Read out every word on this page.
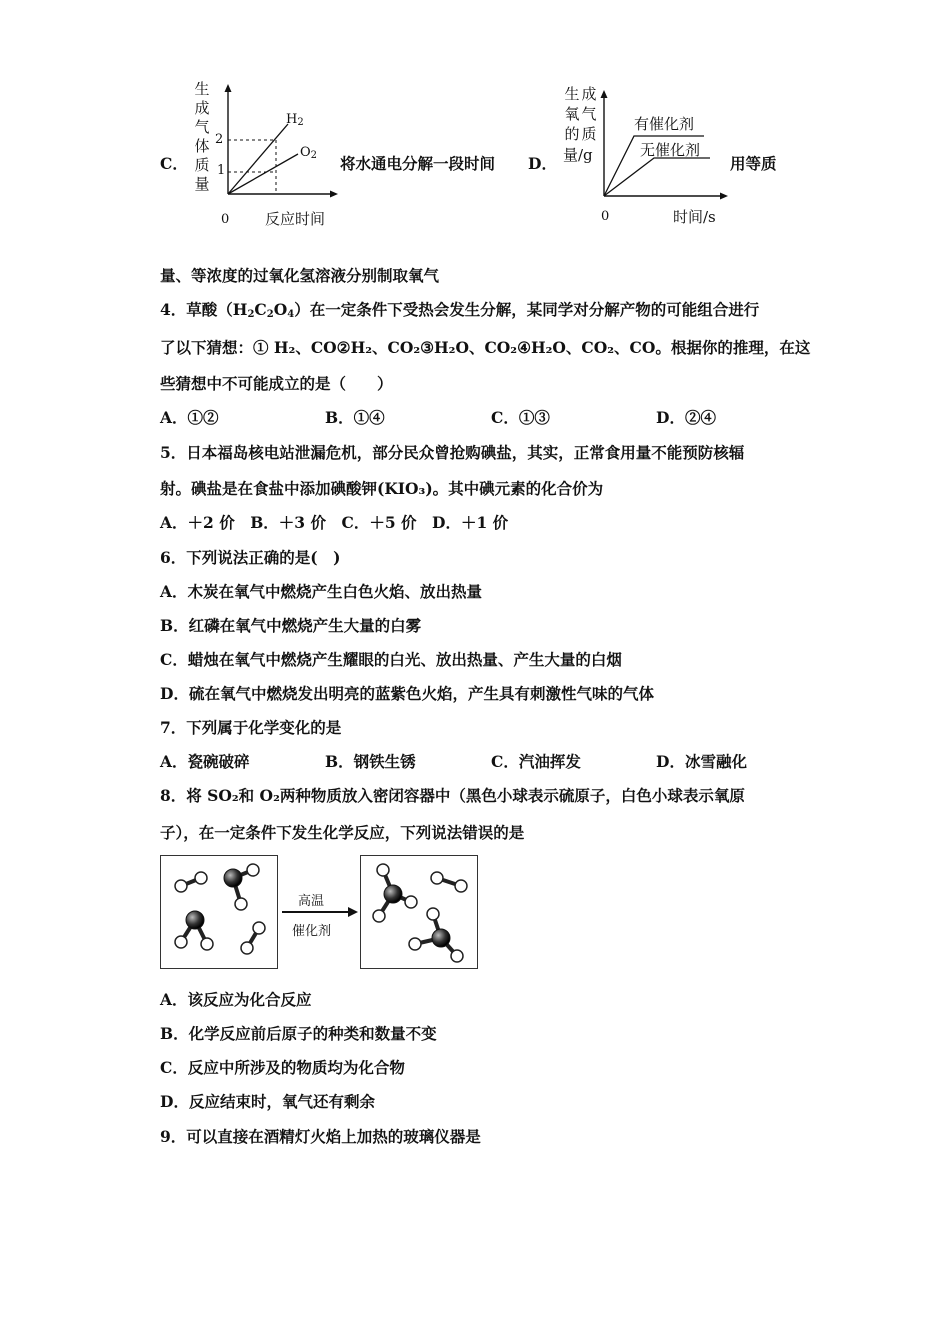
C．
生
成
气
体
质
量
2
1
0 反应时间
$H_2$
$O_2$ 将水通电分解一段时间 D．
生 成
氧 气
的 质
量/g
有催化剂
无催化剂
0	时间/s
用等质
量、等浓度的过氧化氢溶液分别制取氧气
4．草酸$(H_2C_2O_4)$在一定条件下受热会发生分解，某同学对分解产物的可能组合进行
了以下猜想：① H₂、CO②H₂、CO₂③H₂O、CO₂④H₂O、CO₂、CO。根据你的推理，在这
些猜想中不可能成立的是（　　）
A．①②	B．①④	C．①③	D．②④
5．日本福岛核电站泄漏危机，部分民众曾抢购碘盐，其实，正常食用量不能预防核辐
射。碘盐是在食盐中添加碘酸钾(KIO₃)。其中碘元素的化合价为
A．＋2 价　B．＋3 价　C．＋5 价　D．＋1 价
6．下列说法正确的是(　)
A．木炭在氧气中燃烧产生白色火焰、放出热量
B．红磷在氧气中燃烧产生大量的白雾
C．蜡烛在氧气中燃烧产生耀眼的白光、放出热量、产生大量的白烟
D．硫在氧气中燃烧发出明亮的蓝紫色火焰，产生具有刺激性气味的气体
7．下列属于化学变化的是
A．瓷碗破碎	B．钢铁生锈	C．汽油挥发	D．冰雪融化
8．将 SO₂和 O₂两种物质放入密闭容器中（黑色小球表示硫原子，白色小球表示氧原
子），在一定条件下发生化学反应，下列说法错误的是
高温
催化剂
A．该反应为化合反应
B．化学反应前后原子的种类和数量不变
C．反应中所涉及的物质均为化合物
D．反应结束时，氧气还有剩余
9．可以直接在酒精灯火焰上加热的玻璃仪器是
